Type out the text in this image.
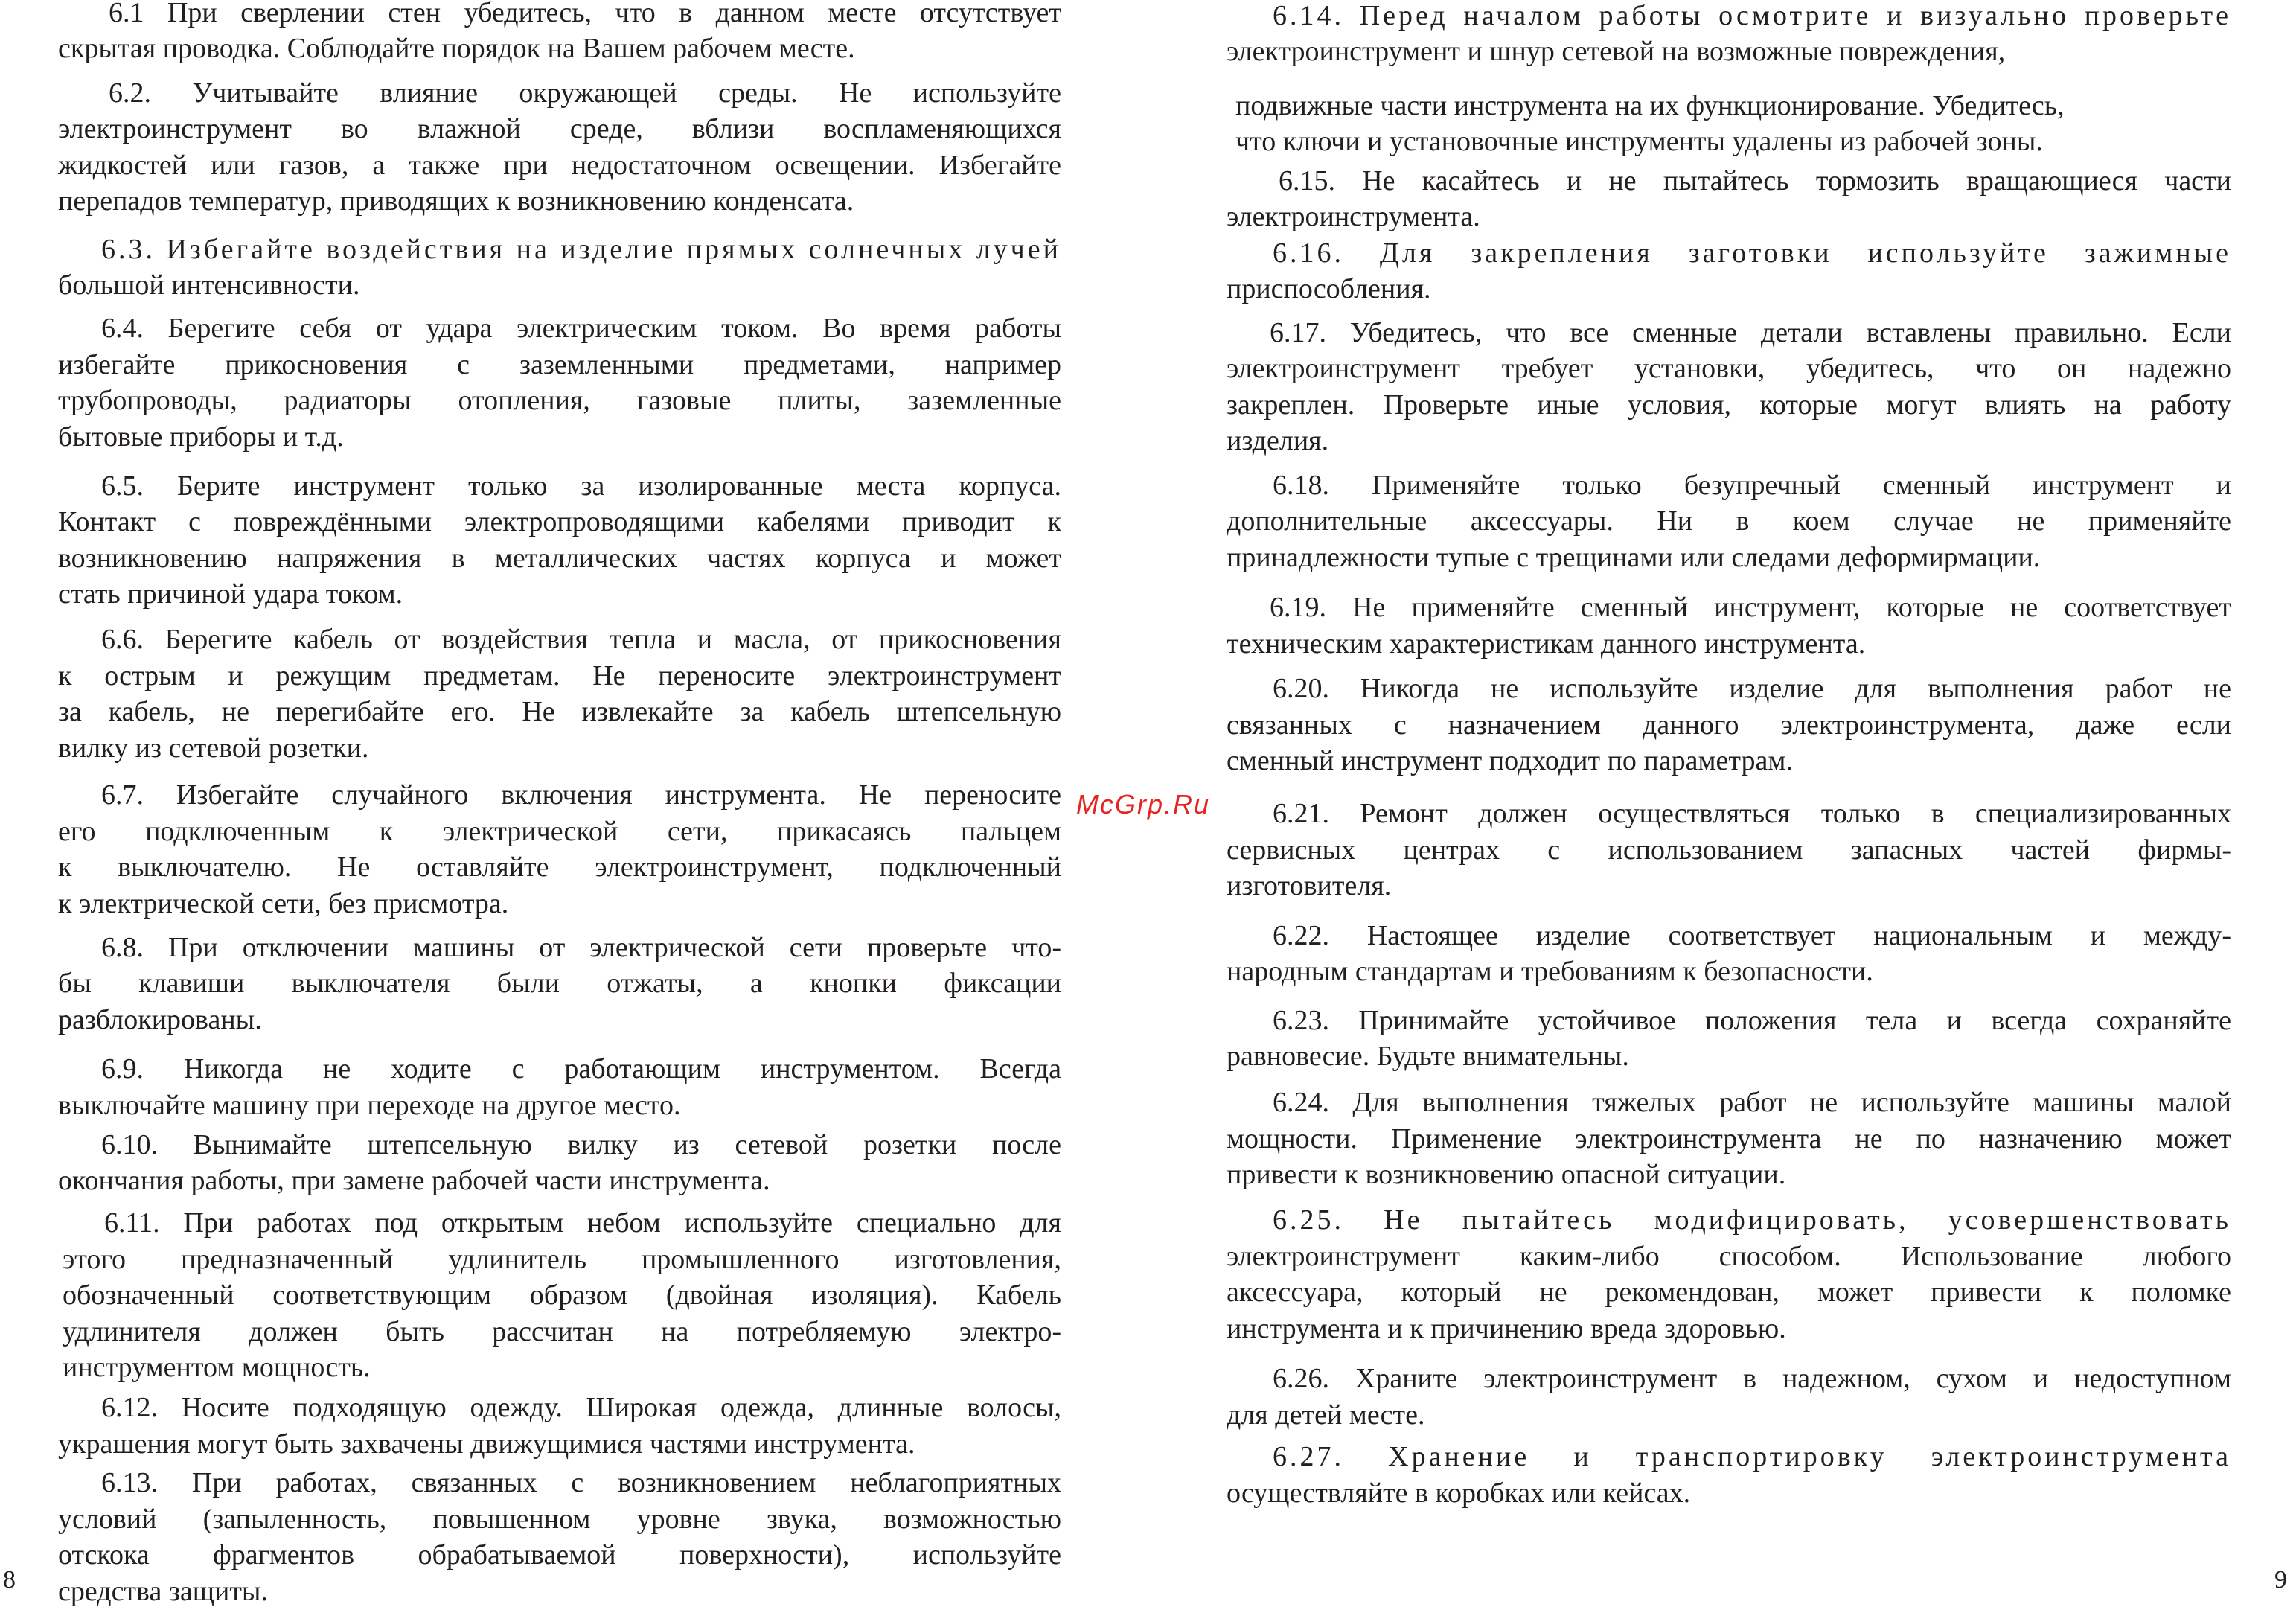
6.1 При сверлении стен убедитесь, что в данном месте отсутствует
скрытая проводка. Соблюдайте порядок на Вашем рабочем месте.
6.2. Учитывайте влияние окружающей среды. Не используйте
электроинструмент во влажной среде, вблизи воспламеняющихся
жидкостей или газов, а также при недостаточном освещении. Избегайте
перепадов температур, приводящих к возникновению конденсата.
6.3. Избегайте воздействия на изделие прямых солнечных лучей
большой интенсивности.
6.4. Берегите себя от удара электрическим током. Во время работы
избегайте прикосновения с заземленными предметами, например
трубопроводы, радиаторы отопления, газовые плиты, заземленные
бытовые приборы и т.д.
6.5. Берите инструмент только за изолированные места корпуса.
Контакт с повреждёнными электропроводящими кабелями приводит к
возникновению напряжения в металлических частях корпуса и может
стать причиной удара током.
6.6. Берегите кабель от воздействия тепла и масла, от прикосновения
к острым и режущим предметам. Не переносите электроинструмент
за кабель, не перегибайте его. Не извлекайте за кабель штепсельную
вилку из сетевой розетки.
6.7. Избегайте случайного включения инструмента. Не переносите
его подключенным к электрической сети, прикасаясь пальцем
к выключателю. Не оставляйте электроинструмент, подключенный
к электрической сети, без присмотра.
6.8. При отключении машины от электрической сети проверьте что-
бы клавиши выключателя были отжаты, а кнопки фиксации
разблокированы.
6.9. Никогда не ходите с работающим инструментом. Всегда
выключайте машину при переходе на другое место.
6.10. Вынимайте штепсельную вилку из сетевой розетки после
окончания работы, при замене рабочей части инструмента.
6.11. При работах под открытым небом используйте специально для
этого предназначенный удлинитель промышленного изготовления,
обозначенный соответствующим образом (двойная изоляция). Кабель
удлинителя должен быть рассчитан на потребляемую электро-
инструментом мощность.
6.12. Носите подходящую одежду. Широкая одежда, длинные волосы,
украшения могут быть захвачены движущимися частями инструмента.
6.13. При работах, связанных с возникновением неблагоприятных
условий (запыленность, повышенном уровне звука, возможностью
отскока фрагментов обрабатываемой поверхности), используйте
средства защиты.
6.14. Перед началом работы осмотрите и визуально проверьте
электроинструмент и шнур сетевой на возможные повреждения,
подвижные части инструмента на их функционирование. Убедитесь,
что ключи и установочные инструменты удалены из рабочей зоны.
6.15. Не касайтесь и не пытайтесь тормозить вращающиеся части
электроинструмента.
6.16. Для закрепления заготовки используйте зажимные
приспособления.
6.17. Убедитесь, что все сменные детали вставлены правильно. Если
электроинструмент требует установки, убедитесь, что он надежно
закреплен. Проверьте иные условия, которые могут влиять на работу
изделия.
6.18. Применяйте только безупречный сменный инструмент и
дополнительные аксессуары. Ни в коем случае не применяйте
принадлежности тупые с трещинами или следами деформирмации.
6.19. Не применяйте сменный инструмент, которые не соответствует
техническим характеристикам данного инструмента.
6.20. Никогда не используйте изделие для выполнения работ не
связанных с назначением данного электроинструмента, даже если
сменный инструмент подходит по параметрам.
6.21. Ремонт должен осуществляться только в специализированных
сервисных центрах с использованием запасных частей фирмы-
изготовителя.
6.22. Настоящее изделие соответствует национальным и между-
народным стандартам и требованиям к безопасности.
6.23. Принимайте устойчивое положения тела и всегда сохраняйте
равновесие. Будьте внимательны.
6.24. Для выполнения тяжелых работ не используйте машины малой
мощности. Применение электроинструмента не по назначению может
привести к возникновению опасной ситуации.
6.25. Не пытайтесь модифицировать, усовершенствовать
электроинструмент каким-либо способом. Использование любого
аксессуара, который не рекомендован, может привести к поломке
инструмента и к причинению вреда здоровью.
6.26. Храните электроинструмент в надежном, сухом и недоступном
для детей месте.
6.27. Хранение и транспортировку электроинструмента
осуществляйте в коробках или кейсах.
McGrp.Ru
8	9
